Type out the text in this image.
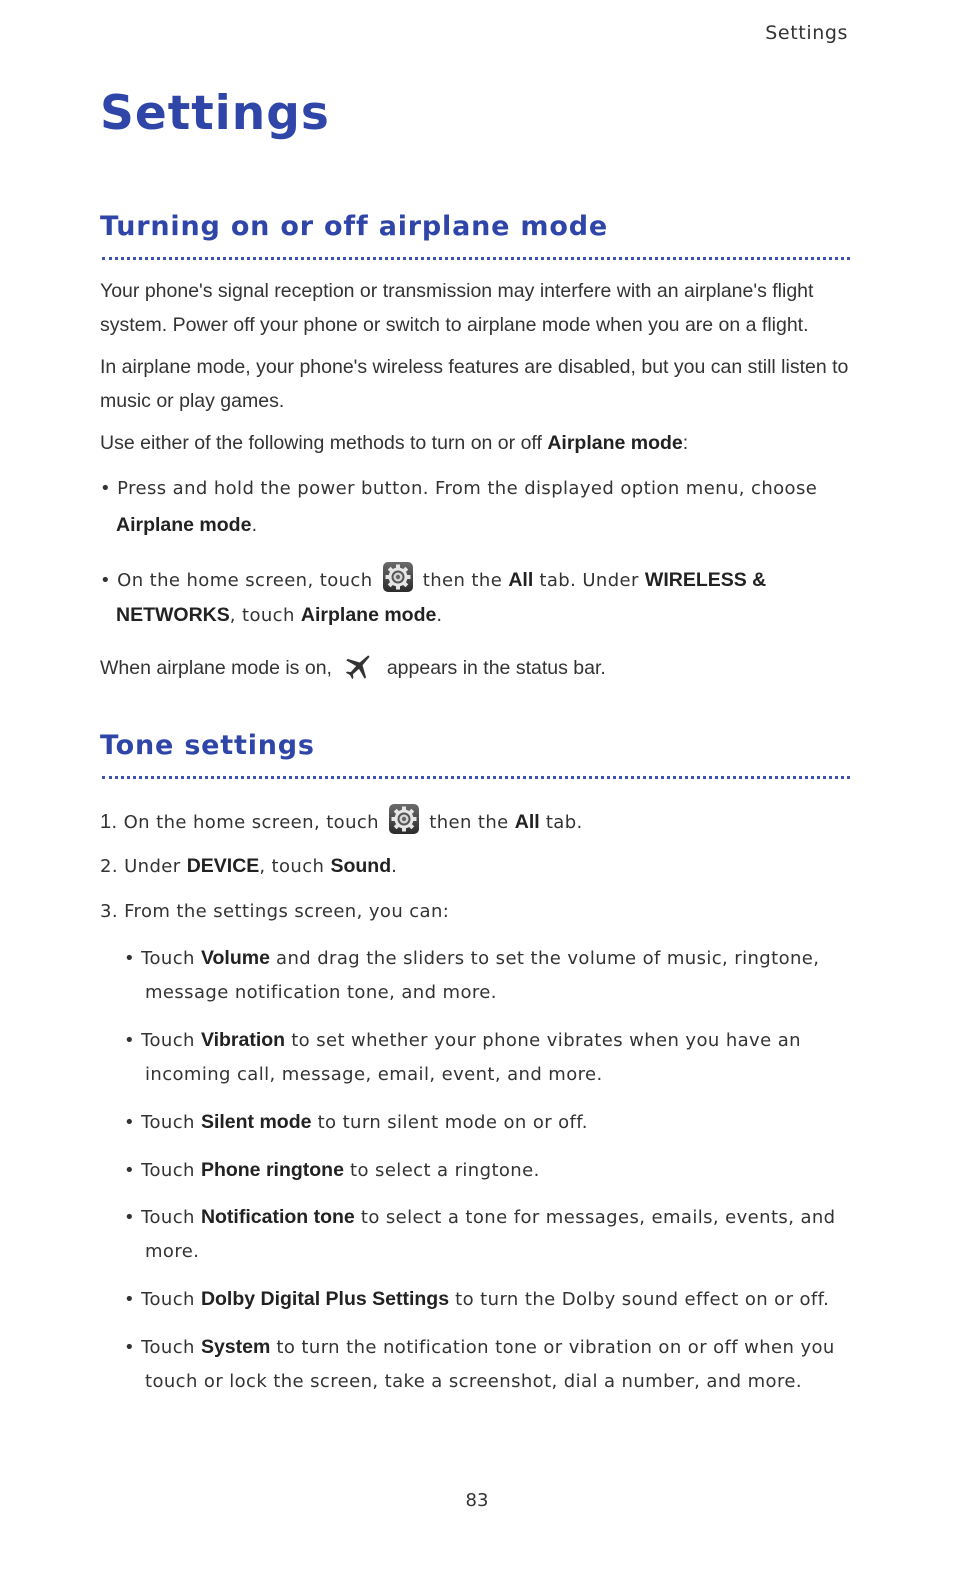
Settings
Settings
Turning on or off airplane mode

Your phone's signal reception or transmission may interfere with an airplane's flight
system. Power off your phone or switch to airplane mode when you are on a flight.

In airplane mode, your phone's wireless features are disabled, but you can still listen to
music or play games.

Use either of the following methods to turn on or off Airplane mode:

• Press and hold the power button. From the displayed option menu, choose

Airplane mode.

• On the home screen, touch	then the All tab. Under WIRELESS &

NETWORKS, touch Airplane mode.

When airplane mode is on,	appears in the status bar.

Tone settings

1. On the home screen, touch	then the All tab.

2. Under DEVICE, touch Sound.

3. From the settings screen, you can:

• Touch Volume and drag the sliders to set the volume of music, ringtone,

message notification tone, and more.

• Touch Vibration to set whether your phone vibrates when you have an

incoming call, message, email, event, and more.

• Touch Silent mode to turn silent mode on or off.

• Touch Phone ringtone to select a ringtone.

• Touch Notification tone to select a tone for messages, emails, events, and

more.

• Touch Dolby Digital Plus Settings to turn the Dolby sound effect on or off.

• Touch System to turn the notification tone or vibration on or off when you

touch or lock the screen, take a screenshot, dial a number, and more.

83
